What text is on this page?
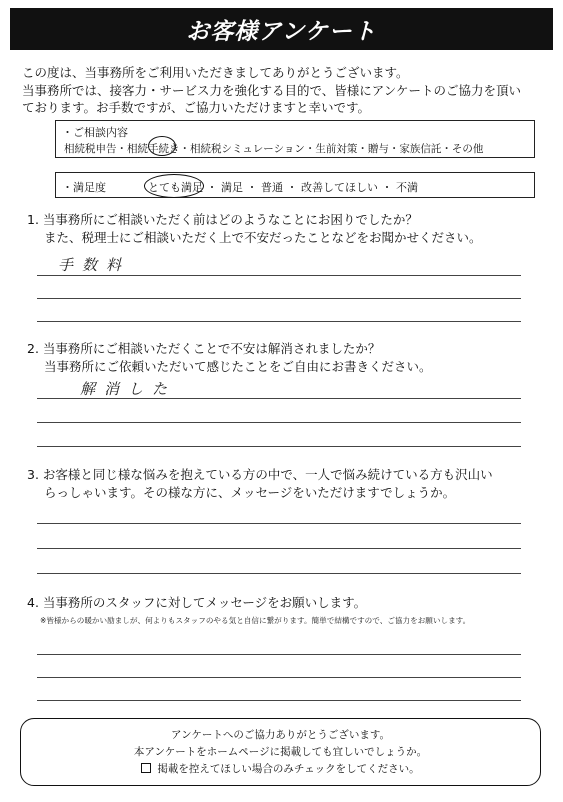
お客様アンケート
この度は、当事務所をご利用いただきましてありがとうございます。
当事務所では、接客力・サービス力を強化する目的で、皆様にアンケートのご協力を頂い
ております。お手数ですが、ご協力いただけますと幸いです。
・ご相談内容
相続税申告・相続手続き・相続税シミュレーション・生前対策・贈与・家族信託・その他
・満足度	とても満足 ・ 満足 ・ 普通 ・ 改善してほしい ・ 不満
1. 当事務所にご相談いただく前はどのようなことにお困りでしたか？
また、税理士にご相談いただく上で不安だったことなどをお聞かせください。
手数料
2. 当事務所にご相談いただくことで不安は解消されましたか？
当事務所にご依頼いただいて感じたことをご自由にお書きください。
解消した
3. お客様と同じ様な悩みを抱えている方の中で、一人で悩み続けている方も沢山い
らっしゃいます。その様な方に、メッセージをいただけますでしょうか。
4. 当事務所のスタッフに対してメッセージをお願いします。
※皆様からの暖かい励ましが、何よりもスタッフのやる気と自信に繋がります。簡単で結構ですので、ご協力をお願いします。
アンケートへのご協力ありがとうございます。
本アンケートをホームページに掲載しても宜しいでしょうか。
掲載を控えてほしい場合のみチェックをしてください。
